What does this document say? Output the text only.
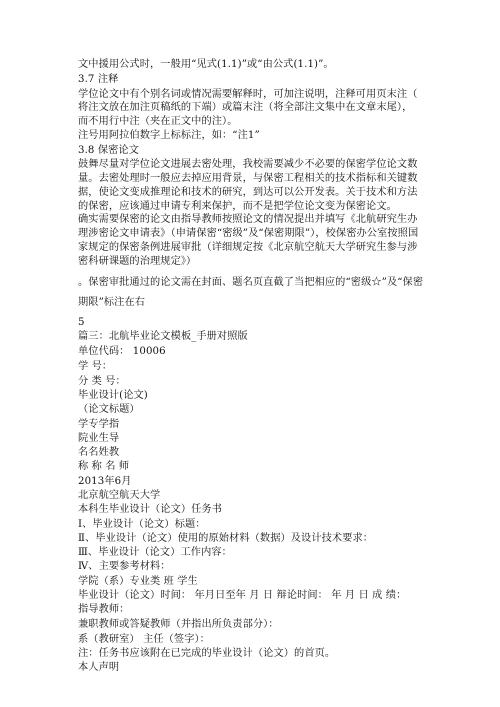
文中援用公式时，一般用“见式(1.1)”或“由公式(1.1)”。
3.7 注释
学位论文中有个别名词或情况需要解释时，可加注说明，注释可用页末注（
将注文放在加注页稿纸的下端）或篇末注（将全部注文集中在文章末尾），
而不用行中注（夹在正文中的注）。
注号用阿拉伯数字上标标注，如：“注1”
3.8 保密论文
鼓舞尽量对学位论文进展去密处理，我校需要减少不必要的保密学位论文数
量。去密处理时一般应去掉应用背景，与保密工程相关的技术指标和关键数
据，使论文变成推理论和技术的研究，到达可以公开发表。关于技术和方法
的保密，应该通过申请专利来保护，而不是把学位论文变为保密论文。
确实需要保密的论文由指导教师按照论文的情况提出并填写《北航研究生办
理涉密论文申请表》（申请保密“密级”及“保密期限”），校保密办公室按照国
家规定的保密条例进展审批（详细规定按《北京航空航天大学研究生参与涉
密科研课题的治理规定》）
。保密审批通过的论文需在封面、题名页直截了当把相应的“密级☆”及“保密
期限”标注在右
5
篇三：北航毕业论文模板_手册对照版
单位代码： 10006
学 号：
分 类 号：
毕业设计(论文)
（论文标题）
学专学指
院业生导
名名姓教
称 称 名 师
2013年6月
北京航空航天大学
本科生毕业设计（论文）任务书
Ⅰ、毕业设计（论文）标题：
Ⅱ、毕业设计（论文）使用的原始材料（数据）及设计技术要求：
Ⅲ、毕业设计（论文）工作内容：
Ⅳ、主要参考材料：
学院（系）专业类 班 学生
毕业设计（论文）时间： 年月日至年 月 日 辩论时间： 年 月 日 成 绩：
指导教师：
兼职教师或答疑教师（并指出所负责部分）：
系（教研室） 主任（签字）：
注：任务书应该附在已完成的毕业设计（论文）的首页。
本人声明
